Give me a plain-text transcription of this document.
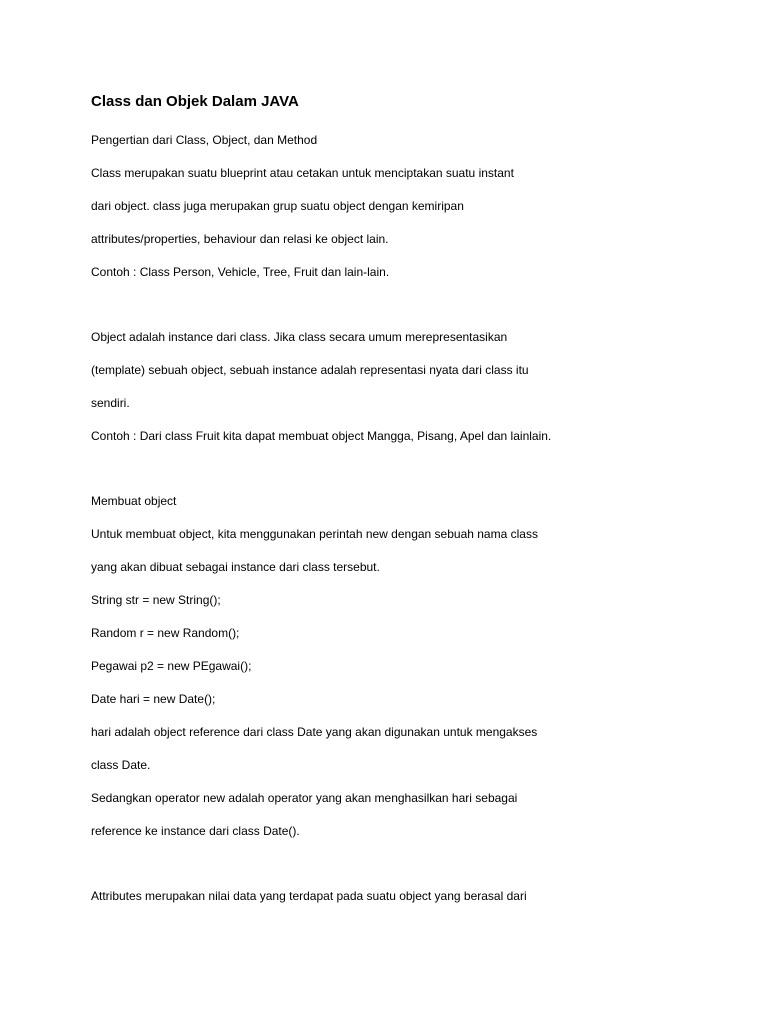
Class dan Objek Dalam JAVA
Pengertian dari Class, Object, dan Method
Class merupakan suatu blueprint atau cetakan untuk menciptakan suatu instant
dari object. class juga merupakan grup suatu object dengan kemiripan
attributes/properties, behaviour dan relasi ke object lain.
Contoh : Class Person, Vehicle, Tree, Fruit dan lain-lain.
Object adalah instance dari class. Jika class secara umum merepresentasikan
(template) sebuah object, sebuah instance adalah representasi nyata dari class itu
sendiri.
Contoh : Dari class Fruit kita dapat membuat object Mangga, Pisang, Apel dan lainlain.
Membuat object
Untuk membuat object, kita menggunakan perintah new dengan sebuah nama class
yang akan dibuat sebagai instance dari class tersebut.
String str = new String();
Random r = new Random();
Pegawai p2 = new PEgawai();
Date hari = new Date();
hari adalah object reference dari class Date yang akan digunakan untuk mengakses
class Date.
Sedangkan operator new adalah operator yang akan menghasilkan hari sebagai
reference ke instance dari class Date().
Attributes merupakan nilai data yang terdapat pada suatu object yang berasal dari
